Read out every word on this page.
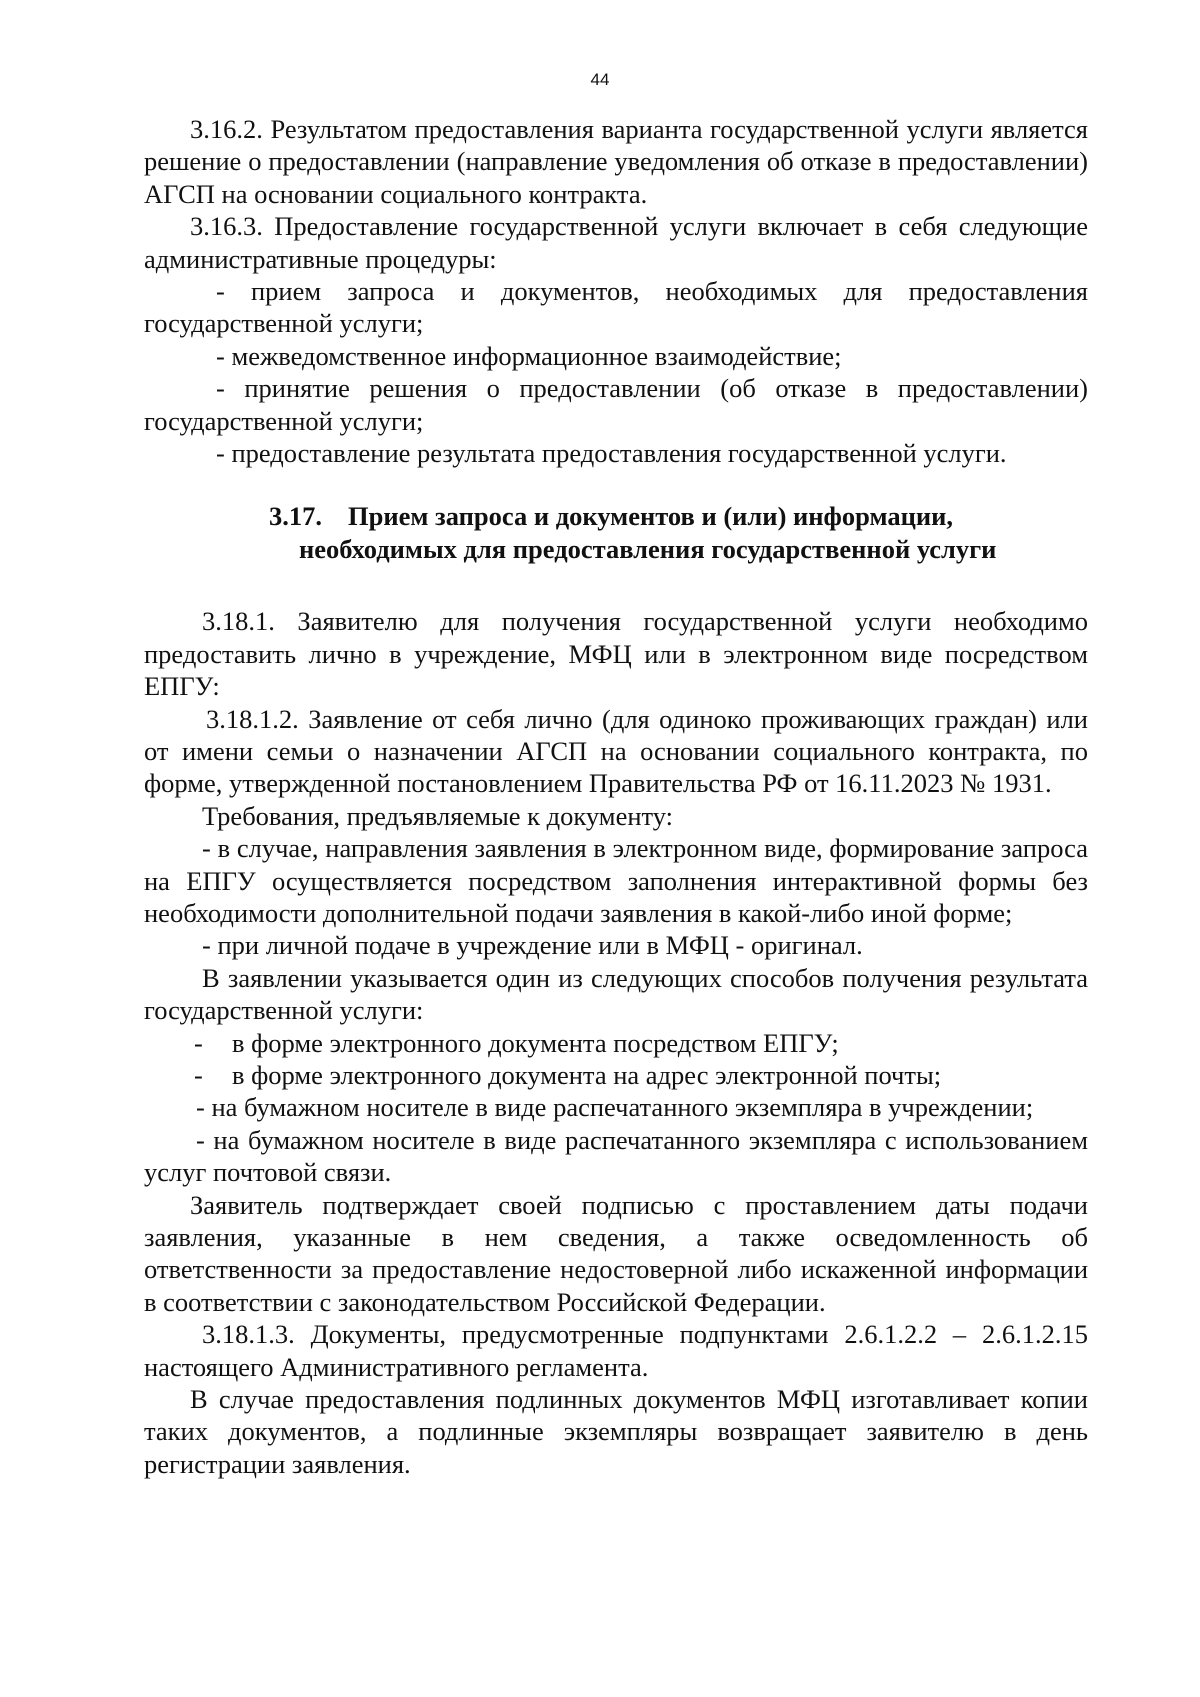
44

3.16.2. Результатом предоставления варианта государственной услуги является решение о предоставлении (направление уведомления об отказе в предоставлении) АГСП на основании социального контракта.

3.16.3. Предоставление государственной услуги включает в себя следующие административные процедуры:

- прием запроса и документов, необходимых для предоставления государственной услуги;

- межведомственное информационное взаимодействие;

- принятие решения о предоставлении (об отказе в предоставлении) государственной услуги;

- предоставление результата предоставления государственной услуги.

3.17. Прием запроса и документов и (или) информации,
необходимых для предоставления государственной услуги

3.18.1. Заявителю для получения государственной услуги необходимо предоставить лично в учреждение, МФЦ или в электронном виде посредством ЕПГУ:

3.18.1.2. Заявление от себя лично (для одиноко проживающих граждан) или от имени семьи о назначении АГСП на основании социального контракта, по форме, утвержденной постановлением Правительства РФ от 16.11.2023 № 1931.

Требования, предъявляемые к документу:

- в случае, направления заявления в электронном виде, формирование запроса на ЕПГУ осуществляется посредством заполнения интерактивной формы без необходимости дополнительной подачи заявления в какой-либо иной форме;

- при личной подаче в учреждение или в МФЦ - оригинал.

В заявлении указывается один из следующих способов получения результата государственной услуги:

-	в форме электронного документа посредством ЕПГУ;
-	в форме электронного документа на адрес электронной почты;

- на бумажном носителе в виде распечатанного экземпляра в учреждении;

- на бумажном носителе в виде распечатанного экземпляра с использованием услуг почтовой связи.

Заявитель подтверждает своей подписью с проставлением даты подачи заявления, указанные в нем сведения, а также осведомленность об ответственности за предоставление недостоверной либо искаженной информации в соответствии с законодательством Российской Федерации.

3.18.1.3. Документы, предусмотренные подпунктами 2.6.1.2.2 – 2.6.1.2.15 настоящего Административного регламента.

В случае предоставления подлинных документов МФЦ изготавливает копии таких документов, а подлинные экземпляры возвращает заявителю в день регистрации заявления.
